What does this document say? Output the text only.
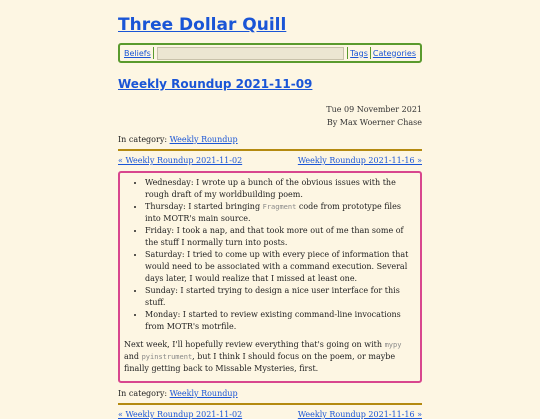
Three Dollar Quill
Beliefs	Tags Categories
Weekly Roundup 2021-11-09
Tue 09 November 2021
By Max Woerner Chase
In category: Weekly Roundup
« Weekly Roundup 2021-11-02	Weekly Roundup 2021-11-16 »
• Wednesday: I wrote up a bunch of the obvious issues with the rough draft of my worldbuilding poem.
• Thursday: I started bringing Fragment code from prototype files into MOTR's main source.
• Friday: I took a nap, and that took more out of me than some of the stuff I normally turn into posts.
• Saturday: I tried to come up with every piece of information that would need to be associated with a command execution. Several days later, I would realize that I missed at least one.
• Sunday: I started trying to design a nice user interface for this stuff.
• Monday: I started to review existing command-line invocations from MOTR's motrfile.

Next week, I'll hopefully review everything that's going on with mypy and pyinstrument, but I think I should focus on the poem, or maybe finally getting back to Missable Mysteries, first.

In category: Weekly Roundup
« Weekly Roundup 2021-11-02	Weekly Roundup 2021-11-16 »
